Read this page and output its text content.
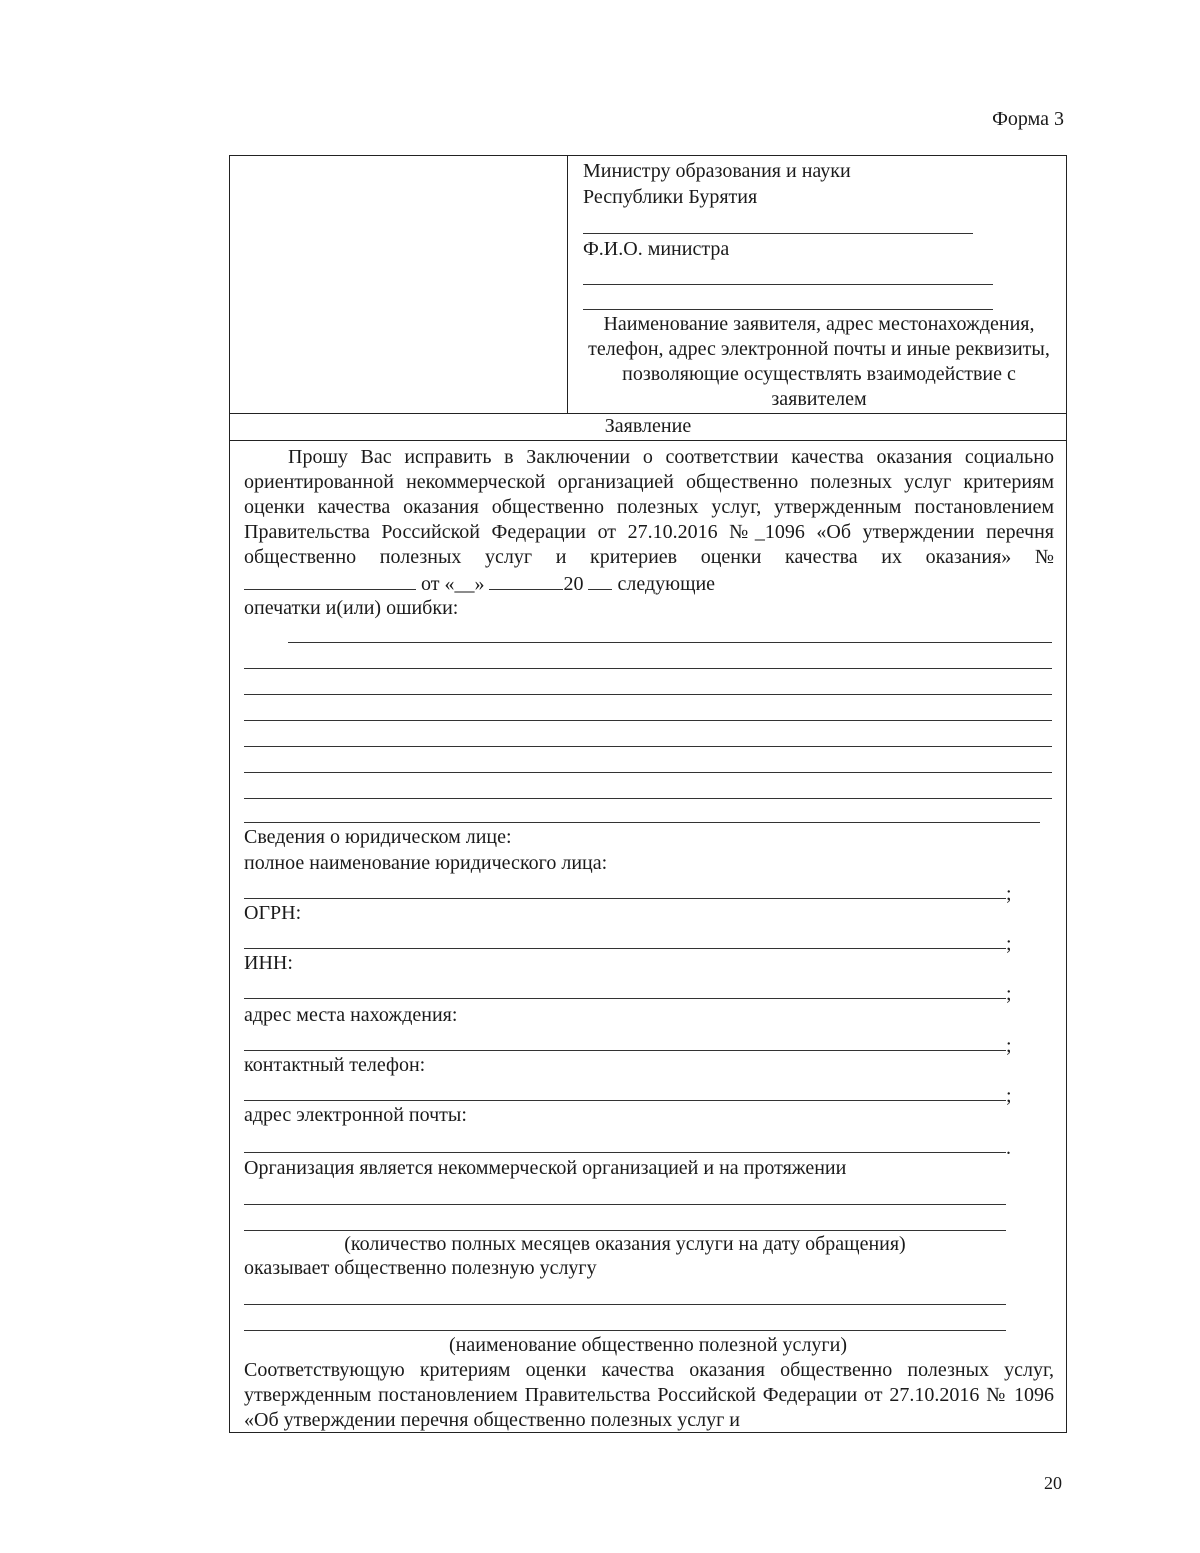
Форма 3
Министру образования и науки
Республики Бурятия
Ф.И.О. министра
Наименование заявителя, адрес местонахождения, телефон, адрес электронной почты и иные реквизиты, позволяющие осуществлять взаимодействие с заявителем
Заявление
Прошу Вас исправить в Заключении о соответствии качества оказания социально ориентированной некоммерческой организацией общественно полезных услуг критериям оценки качества оказания общественно полезных услуг, утвержденным постановлением Правительства Российской Федерации от 27.10.2016 №_1096 «Об утверждении перечня общественно полезных услуг и критериев оценки качества их оказания» №  от «__»	20 следующие
опечатки и(или) ошибки:
Сведения о юридическом лице:
полное наименование юридического лица:
;
ОГРН:
;
ИНН:
;
адрес места нахождения:
;
контактный телефон:
;
адрес электронной почты:
.
Организация является некоммерческой организацией и на протяжении
(количество полных месяцев оказания услуги на дату обращения)
оказывает общественно полезную услугу
(наименование общественно полезной услуги)
Соответствующую критериям оценки качества оказания общественно полезных услуг, утвержденным постановлением Правительства Российской Федерации от 27.10.2016 № 1096 «Об утверждении перечня общественно полезных услуг и
20
